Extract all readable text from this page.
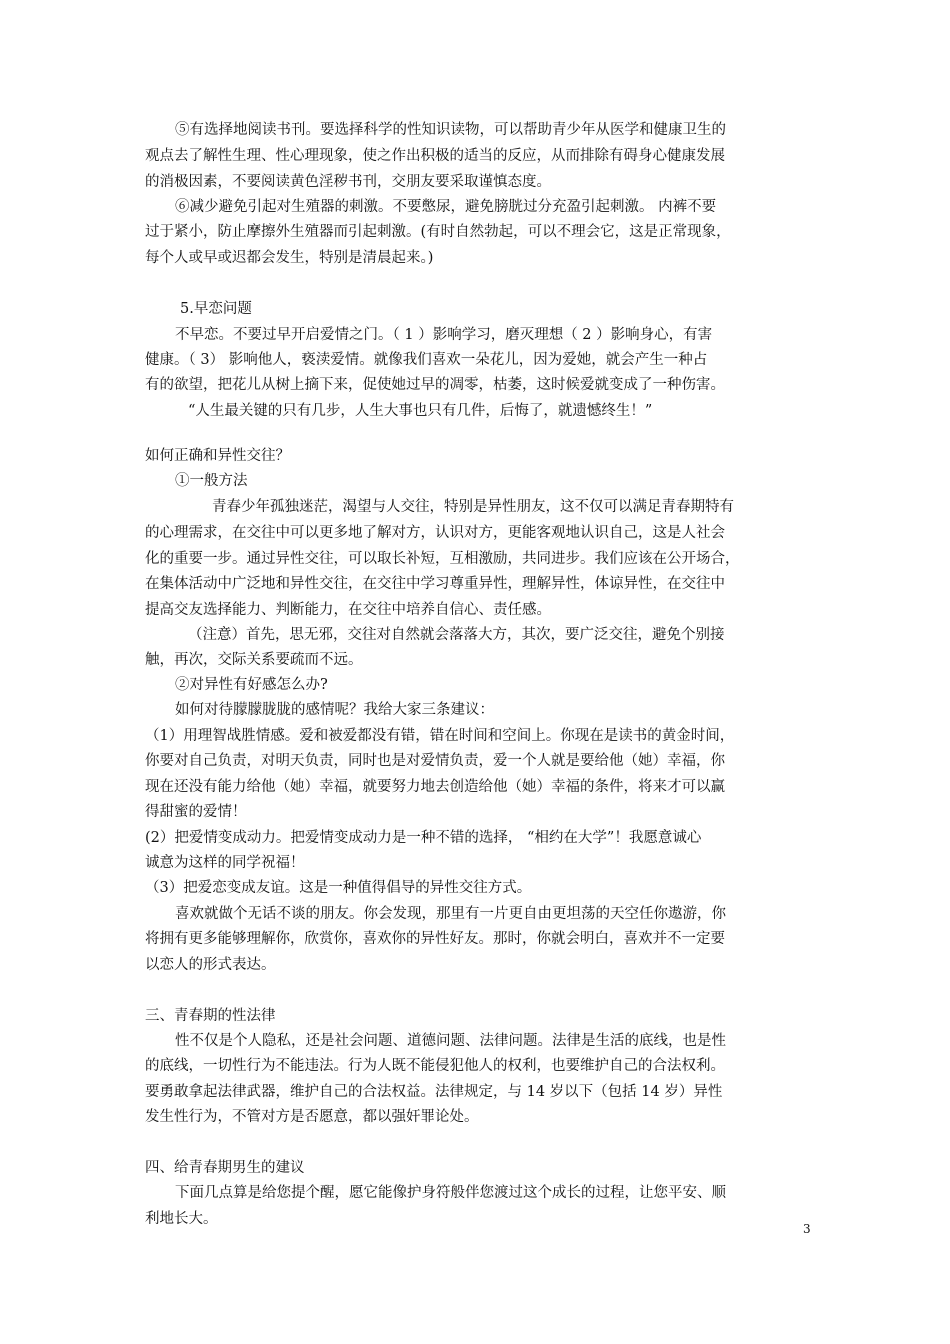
⑤有选择地阅读书刊。要选择科学的性知识读物，可以帮助青少年从医学和健康卫生的
观点去了解性生理、性心理现象，使之作出积极的适当的反应，从而排除有碍身心健康发展
的消极因素，不要阅读黄色淫秽书刊，交朋友要采取谨慎态度。
⑥减少避免引起对生殖器的刺激。不要憋尿，避免膀胱过分充盈引起刺激。 内裤不要
过于紧小，防止摩擦外生殖器而引起刺激。(有时自然勃起，可以不理会它，这是正常现象，
每个人或早或迟都会发生，特别是清晨起来。)
5.早恋问题
不早恋。不要过早开启爱情之门。（ 1 ）影响学习，磨灭理想（ 2 ）影响身心，有害
健康。（ 3） 影响他人，亵渎爱情。就像我们喜欢一朵花儿，因为爱她，就会产生一种占
有的欲望，把花儿从树上摘下来，促使她过早的凋零，枯萎，这时候爱就变成了一种伤害。
“人生最关键的只有几步，人生大事也只有几件，后悔了，就遗憾终生！”
如何正确和异性交往？
①一般方法
青春少年孤独迷茫，渴望与人交往，特别是异性朋友，这不仅可以满足青春期特有
的心理需求，在交往中可以更多地了解对方，认识对方，更能客观地认识自己，这是人社会
化的重要一步。通过异性交往，可以取长补短，互相激励，共同进步。我们应该在公开场合，
在集体活动中广泛地和异性交往，在交往中学习尊重异性，理解异性，体谅异性，在交往中
提高交友选择能力、判断能力，在交往中培养自信心、责任感。
（注意）首先，思无邪，交往对自然就会落落大方，其次，要广泛交往，避免个别接
触，再次，交际关系要疏而不远。
②对异性有好感怎么办?
如何对待朦朦胧胧的感情呢？我给大家三条建议：
（1）用理智战胜情感。爱和被爱都没有错，错在时间和空间上。你现在是读书的黄金时间，
你要对自己负责，对明天负责，同时也是对爱情负责，爱一个人就是要给他（她）幸福，你
现在还没有能力给他（她）幸福，就要努力地去创造给他（她）幸福的条件，将来才可以赢
得甜蜜的爱情！
(2）把爱情变成动力。把爱情变成动力是一种不错的选择， “相约在大学”！我愿意诚心
诚意为这样的同学祝福！
（3）把爱恋变成友谊。这是一种值得倡导的异性交往方式。
喜欢就做个无话不谈的朋友。你会发现，那里有一片更自由更坦荡的天空任你遨游，你
将拥有更多能够理解你，欣赏你，喜欢你的异性好友。那时，你就会明白，喜欢并不一定要
以恋人的形式表达。
三、青春期的性法律
性不仅是个人隐私，还是社会问题、道德问题、法律问题。法律是生活的底线，也是性
的底线，一切性行为不能违法。行为人既不能侵犯他人的权利，也要维护自己的合法权利。
要勇敢拿起法律武器，维护自己的合法权益。法律规定，与 14 岁以下（包括 14 岁）异性
发生性行为，不管对方是否愿意，都以强奸罪论处。
四、给青春期男生的建议
下面几点算是给您提个醒，愿它能像护身符般伴您渡过这个成长的过程，让您平安、顺
利地长大。
3
